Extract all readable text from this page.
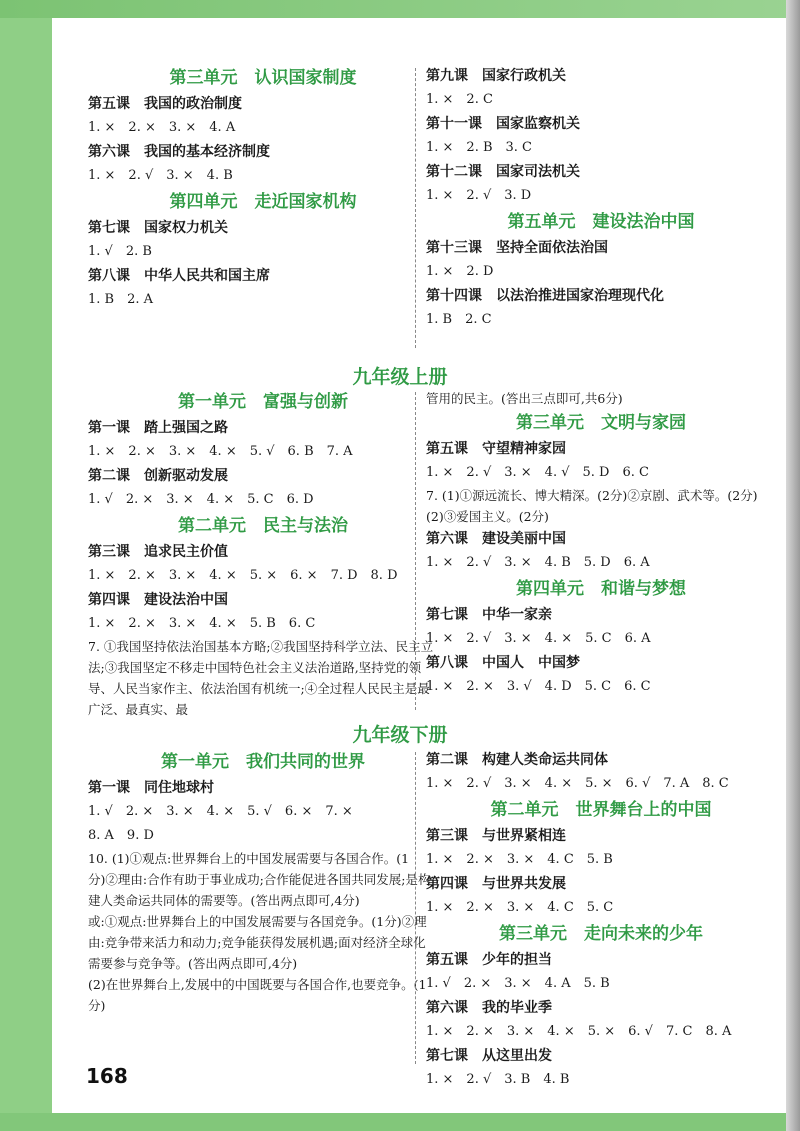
第三单元　认识国家制度
第五课　我国的政治制度
1. ×　2. ×　3. ×　4. A
第六课　我国的基本经济制度
1. ×　2. √　3. ×　4. B
第四单元　走近国家机构
第七课　国家权力机关
1. √　2. B
第八课　中华人民共和国主席
1. B　2. A
第九课　国家行政机关
1. ×　2. C
第十一课　国家监察机关
1. ×　2. B　3. C
第十二课　国家司法机关
1. ×　2. √　3. D
第五单元　建设法治中国
第十三课　坚持全面依法治国
1. ×　2. D
第十四课　以法治推进国家治理现代化
1. B　2. C
九年级上册
第一单元　富强与创新
第一课　踏上强国之路
1. ×　2. ×　3. ×　4. ×　5. √　6. B　7. A
第二课　创新驱动发展
1. √　2. ×　3. ×　4. ×　5. C　6. D
第二单元　民主与法治
第三课　追求民主价值
1. ×　2. ×　3. ×　4. ×　5. ×　6. ×　7. D　8. D
第四课　建设法治中国
1. ×　2. ×　3. ×　4. ×　5. B　6. C
7. ①我国坚持依法治国基本方略;②我国坚持科学立法、民主立法;③我国坚定不移走中国特色社会主义法治道路,坚持党的领导、人民当家作主、依法治国有机统一;④全过程人民民主是最广泛、最真实、最
管用的民主。(答出三点即可,共6分)
第三单元　文明与家园
第五课　守望精神家园
1. ×　2. √　3. ×　4. √　5. D　6. C
7. (1)①源远流长、博大精深。(2分)②京剧、武术等。(2分)
(2)③爱国主义。(2分)
第六课　建设美丽中国
1. ×　2. √　3. ×　4. B　5. D　6. A
第四单元　和谐与梦想
第七课　中华一家亲
1. ×　2. √　3. ×　4. ×　5. C　6. A
第八课　中国人　中国梦
1. ×　2. ×　3. √　4. D　5. C　6. C
九年级下册
第一单元　我们共同的世界
第一课　同住地球村
1. √　2. ×　3. ×　4. ×　5. √　6. ×　7. ×
8. A　9. D
10. (1)①观点:世界舞台上的中国发展需要与各国合作。(1分)②理由:合作有助于事业成功;合作能促进各国共同发展;是构建人类命运共同体的需要等。(答出两点即可,4分)
或:①观点:世界舞台上的中国发展需要与各国竞争。(1分)②理由:竞争带来活力和动力;竞争能获得发展机遇;面对经济全球化需要参与竞争等。(答出两点即可,4分)
(2)在世界舞台上,发展中的中国既要与各国合作,也要竞争。(1分)
第二课　构建人类命运共同体
1. ×　2. √　3. ×　4. ×　5. ×　6. √　7. A　8. C
第二单元　世界舞台上的中国
第三课　与世界紧相连
1. ×　2. ×　3. ×　4. C　5. B
第四课　与世界共发展
1. ×　2. ×　3. ×　4. C　5. C
第三单元　走向未来的少年
第五课　少年的担当
1. √　2. ×　3. ×　4. A　5. B
第六课　我的毕业季
1. ×　2. ×　3. ×　4. ×　5. ×　6. √　7. C　8. A
第七课　从这里出发
1. ×　2. √　3. B　4. B
168
